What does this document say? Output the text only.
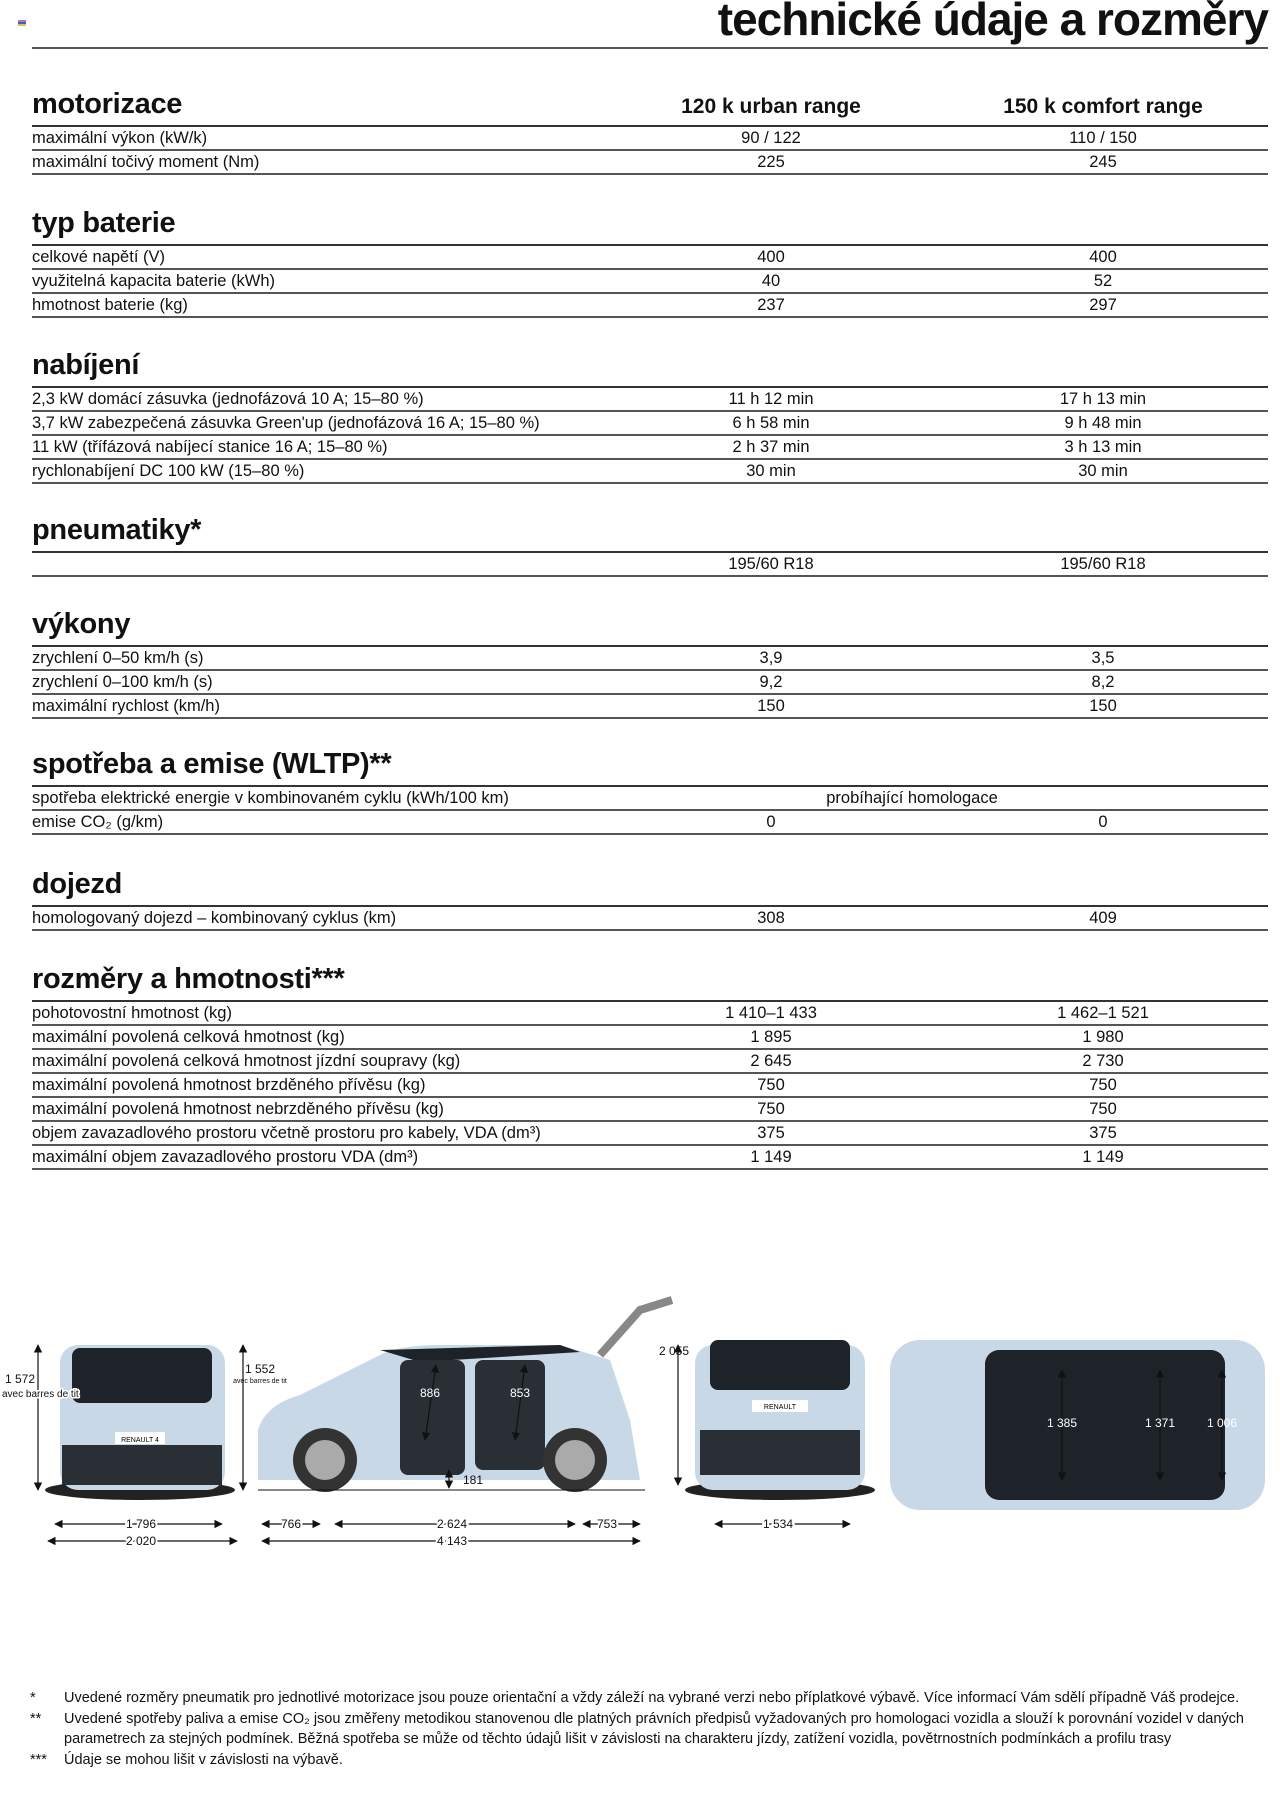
technické údaje a rozměry
motorizace	120 k urban range	150 k comfort range
maximální výkon (kW/k)	90 / 122	110 / 150
maximální točivý moment (Nm)	225	245
typ baterie
celkové napětí (V)	400	400
využitelná kapacita baterie (kWh)	40	52
hmotnost baterie (kg)	237	297
nabíjení
2,3 kW domácí zásuvka (jednofázová 10 A; 15–80 %)	11 h 12 min	17 h 13 min
3,7 kW zabezpečená zásuvka Green'up (jednofázová 16 A; 15–80 %)	6 h 58 min	9 h 48 min
11 kW (třífázová nabíjecí stanice 16 A; 15–80 %)	2 h 37 min	3 h 13 min
rychlonabíjení DC 100 kW (15–80 %)	30 min	30 min
pneumatiky*
195/60 R18	195/60 R18
výkony
zrychlení 0–50 km/h (s)	3,9	3,5
zrychlení 0–100 km/h (s)	9,2	8,2
maximální rychlost (km/h)	150	150
spotřeba a emise (WLTP)**
spotřeba elektrické energie v kombinovaném cyklu (kWh/100 km)	probíhající homologace
emise CO₂ (g/km)	0	0
dojezd
homologovaný dojezd – kombinovaný cyklus (km)	308	409
rozměry a hmotnosti***
pohotovostní hmotnost (kg)	1 410–1 433	1 462–1 521
maximální povolená celková hmotnost (kg)	1 895	1 980
maximální povolená celková hmotnost jízdní soupravy (kg)	2 645	2 730
maximální povolená hmotnost brzděného přívěsu (kg)	750	750
maximální povolená hmotnost nebrzděného přívěsu (kg)	750	750
objem zavazadlového prostoru včetně prostoru pro kabely, VDA (dm³)	375	375
maximální objem zavazadlového prostoru VDA (dm³)	1 149	1 149
RENAULT 4
RENAULT
1 572
avec barres de tit
1 552
avec barres de tit
1 796
2 020
766	2 624	753
4 143
886	853
181
2 055
1 534
1 385	1 371	1 006
* Uvedené rozměry pneumatik pro jednotlivé motorizace jsou pouze orientační a vždy záleží na vybrané verzi nebo příplatkové výbavě. Více informací Vám sdělí případně Váš prodejce.
** Uvedené spotřeby paliva a emise CO₂ jsou změřeny metodikou stanovenou dle platných právních předpisů vyžadovaných pro homologaci vozidla a slouží k porovnání vozidel v daných parametrech za stejných podmínek. Běžná spotřeba se může od těchto údajů lišit v závislosti na charakteru jízdy, zatížení vozidla, povětrnostních podmínkách a profilu trasy
*** Údaje se mohou lišit v závislosti na výbavě.
